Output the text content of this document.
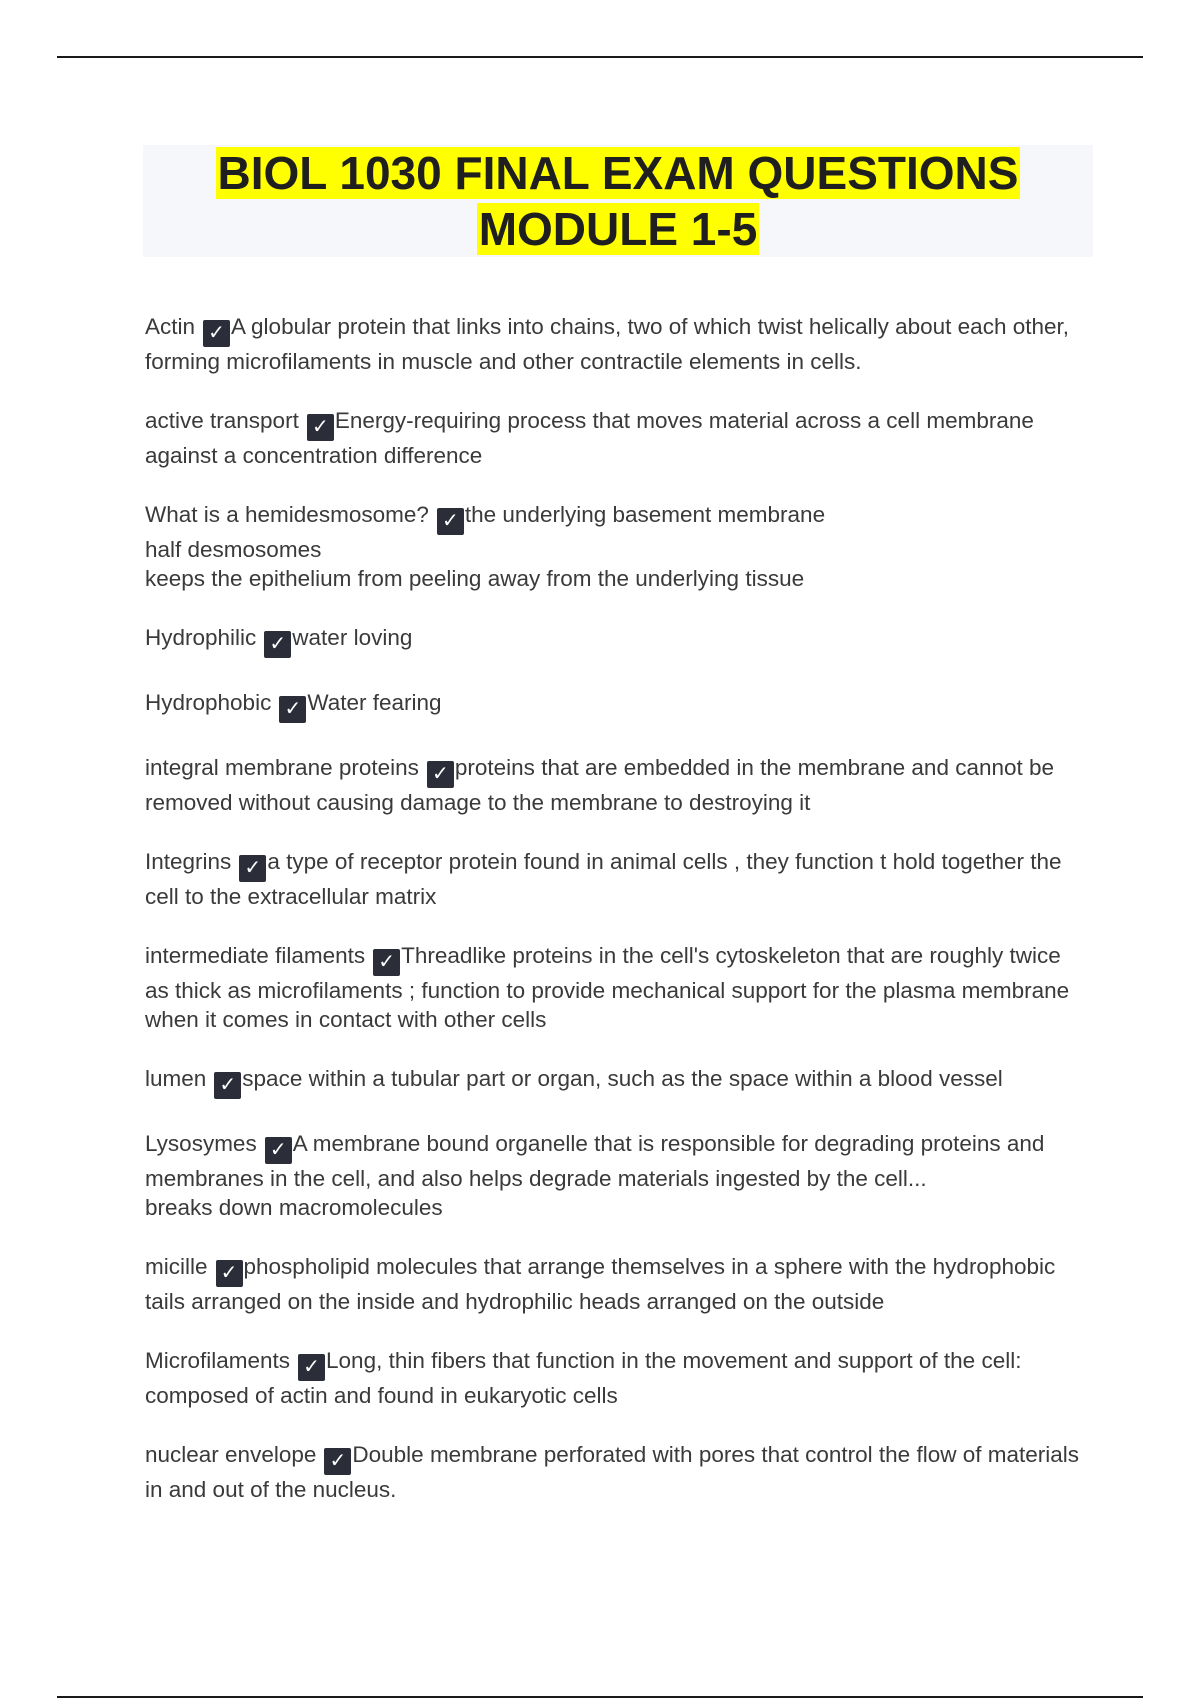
BIOL 1030 FINAL EXAM QUESTIONS
MODULE 1-5
Actin ✓ A globular protein that links into chains, two of which twist helically about each other, forming microfilaments in muscle and other contractile elements in cells.
active transport ✓ Energy-requiring process that moves material across a cell membrane against a concentration difference
What is a hemidesmosome? ✓ the underlying basement membrane
half desmosomes
keeps the epithelium from peeling away from the underlying tissue
Hydrophilic ✓ water loving
Hydrophobic ✓ Water fearing
integral membrane proteins ✓ proteins that are embedded in the membrane and cannot be removed without causing damage to the membrane to destroying it
Integrins ✓ a type of receptor protein found in animal cells , they function t hold together the cell to the extracellular matrix
intermediate filaments ✓ Threadlike proteins in the cell's cytoskeleton that are roughly twice as thick as microfilaments ; function to provide mechanical support for the plasma membrane when it comes in contact with other cells
lumen ✓ space within a tubular part or organ, such as the space within a blood vessel
Lysosymes ✓ A membrane bound organelle that is responsible for degrading proteins and membranes in the cell, and also helps degrade materials ingested by the cell...
breaks down macromolecules
micille ✓ phospholipid molecules that arrange themselves in a sphere with the hydrophobic tails arranged on the inside and hydrophilic heads arranged on the outside
Microfilaments ✓ Long, thin fibers that function in the movement and support of the cell: composed of actin and found in eukaryotic cells
nuclear envelope ✓ Double membrane perforated with pores that control the flow of materials in and out of the nucleus.
